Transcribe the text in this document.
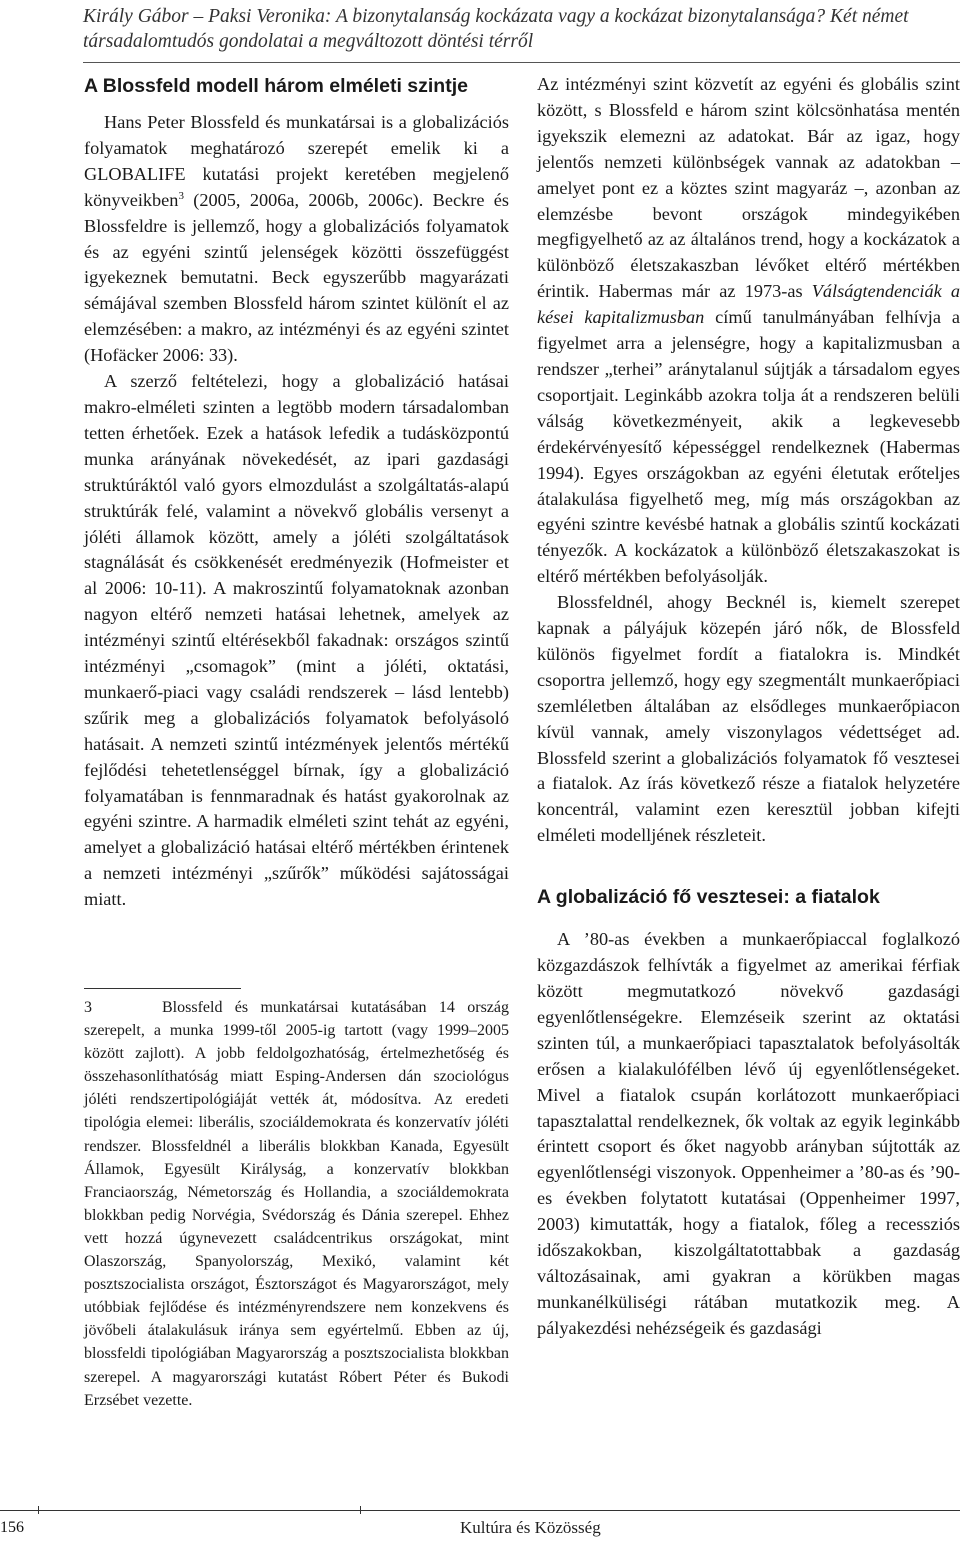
Király Gábor – Paksi Veronika: A bizonytalanság kockázata vagy a kockázat bizonytalansága? Két német társadalomtudós gondolatai a megváltozott döntési térről
A Blossfeld modell három elméleti szintje

Hans Peter Blossfeld és munkatársai is a globalizációs folyamatok meghatározó szerepét emelik ki a GLOBALIFE kutatási projekt keretében megjelenő könyveikben$^3$ (2005, 2006a, 2006b, 2006c). Beckre és Blossfeldre is jellemző, hogy a globalizációs folyamatok és az egyéni szintű jelenségek közötti összefüggést igyekeznek bemutatni. Beck egyszerűbb magyarázati sémájával szemben Blossfeld három szintet különít el az elemzésében: a makro, az intézményi és az egyéni szintet (Hofäcker 2006: 33).

A szerző feltételezi, hogy a globalizáció hatásai makro-elméleti szinten a legtöbb modern társadalomban tetten érhetőek. Ezek a hatások lefedik a tudásközpontú munka arányának növekedését, az ipari gazdasági struktúráktól való gyors elmozdulást a szolgáltatás-alapú struktúrák felé, valamint a növekvő globális versenyt a jóléti államok között, amely a jóléti szolgáltatások stagnálását és csökkenését eredményezik (Hofmeister et al 2006: 10-11). A makroszintű folyamatoknak azonban nagyon eltérő nemzeti hatásai lehetnek, amelyek az intézményi szintű eltérésekből fakadnak: országos szintű intézményi „csomagok” (mint a jóléti, oktatási, munkaerő-piaci vagy családi rendszerek – lásd lentebb) szűrik meg a globalizációs folyamatok befolyásoló hatásait. A nemzeti szintű intézmények jelentős mértékű fejlődési tehetetlenséggel bírnak, így a globalizáció folyamatában is fennmaradnak és hatást gyakorolnak az egyéni szintre. A harmadik elméleti szint tehát az egyéni, amelyet a globalizáció hatásai eltérő mértékben érintenek a nemzeti intézményi „szűrők” működési sajátosságai miatt.

3	Blossfeld és munkatársai kutatásában 14 ország szerepelt, a munka 1999-től 2005-ig tartott (vagy 1999–2005 között zajlott). A jobb feldolgozhatóság, értelmezhetőség és összehasonlíthatóság miatt Esping-Andersen dán szociológus jóléti rendszertipológiáját vették át, módosítva. Az eredeti tipológia elemei: liberális, szociáldemokrata és konzervatív jóléti rendszer. Blossfeldnél a liberális blokkban Kanada, Egyesült Államok, Egyesült Királyság, a konzervatív blokkban Franciaország, Németország és Hollandia, a szociáldemokrata blokkban pedig Norvégia, Svédország és Dánia szerepel. Ehhez vett hozzá úgynevezett családcentrikus országokat, mint Olaszország, Spanyolország, Mexikó, valamint két posztszocialista országot, Észtországot és Magyarországot, mely utóbbiak fejlődése és intézményrendszere nem konzekvens és jövőbeli átalakulásuk iránya sem egyértelmű. Ebben az új, blossfeldi tipológiában Magyarország a posztszocialista blokkban szerepel. A magyarországi kutatást Róbert Péter és Bukodi Erzsébet vezette.

Az intézményi szint közvetít az egyéni és globális szint között, s Blossfeld e három szint kölcsönhatása mentén igyekszik elemezni az adatokat. Bár az igaz, hogy jelentős nemzeti különbségek vannak az adatokban – amelyet pont ez a köztes szint magyaráz –, azonban az elemzésbe bevont országok mindegyikében megfigyelhető az az általános trend, hogy a kockázatok a különböző életszakaszban lévőket eltérő mértékben érintik. Habermas már az 1973-as Válságtendenciák a kései kapitalizmusban című tanulmányában felhívja a figyelmet arra a jelenségre, hogy a kapitalizmusban a rendszer „terhei” aránytalanul sújtják a társadalom egyes csoportjait. Leginkább azokra tolja át a rendszeren belüli válság következményeit, akik a legkevesebb érdekérvényesítő képességgel rendelkeznek (Habermas 1994). Egyes országokban az egyéni életutak erőteljes átalakulása figyelhető meg, míg más országokban az egyéni szintre kevésbé hatnak a globális szintű kockázati tényezők. A kockázatok a különböző életszakaszokat is eltérő mértékben befolyásolják.

Blossfeldnél, ahogy Becknél is, kiemelt szerepet kapnak a pályájuk közepén járó nők, de Blossfeld különös figyelmet fordít a fiatalokra is. Mindkét csoportra jellemző, hogy egy szegmentált munkaerőpiaci szemléletben általában az elsődleges munkaerőpiacon kívül vannak, amely viszonylagos védettséget ad. Blossfeld szerint a globalizációs folyamatok fő vesztesei a fiatalok. Az írás következő része a fiatalok helyzetére koncentrál, valamint ezen keresztül jobban kifejti elméleti modelljének részleteit.

A globalizáció fő vesztesei: a fiatalok

A ’80-as években a munkaerőpiaccal foglalkozó közgazdászok felhívták a figyelmet az amerikai férfiak között megmutatkozó növekvő gazdasági egyenlőtlenségekre. Elemzéseik szerint az oktatási szinten túl, a munkaerőpiaci tapasztalatok befolyásolták erősen a kialakulófélben lévő új egyenlőtlenségeket. Mivel a fiatalok csupán korlátozott munkaerőpiaci tapasztalattal rendelkeznek, ők voltak az egyik leginkább érintett csoport és őket nagyobb arányban sújtották az egyenlőtlenségi viszonyok. Oppenheimer a ’80-as és ’90-es években folytatott kutatásai (Oppenheimer 1997, 2003) kimutatták, hogy a fiatalok, főleg a recessziós időszakokban, kiszolgáltatottabbak a gazdaság változásainak, ami gyakran a körükben magas munkanélküliségi rátában mutatkozik meg. A pályakezdési nehézségeik és gazdasági

156	Kultúra és Közösség
